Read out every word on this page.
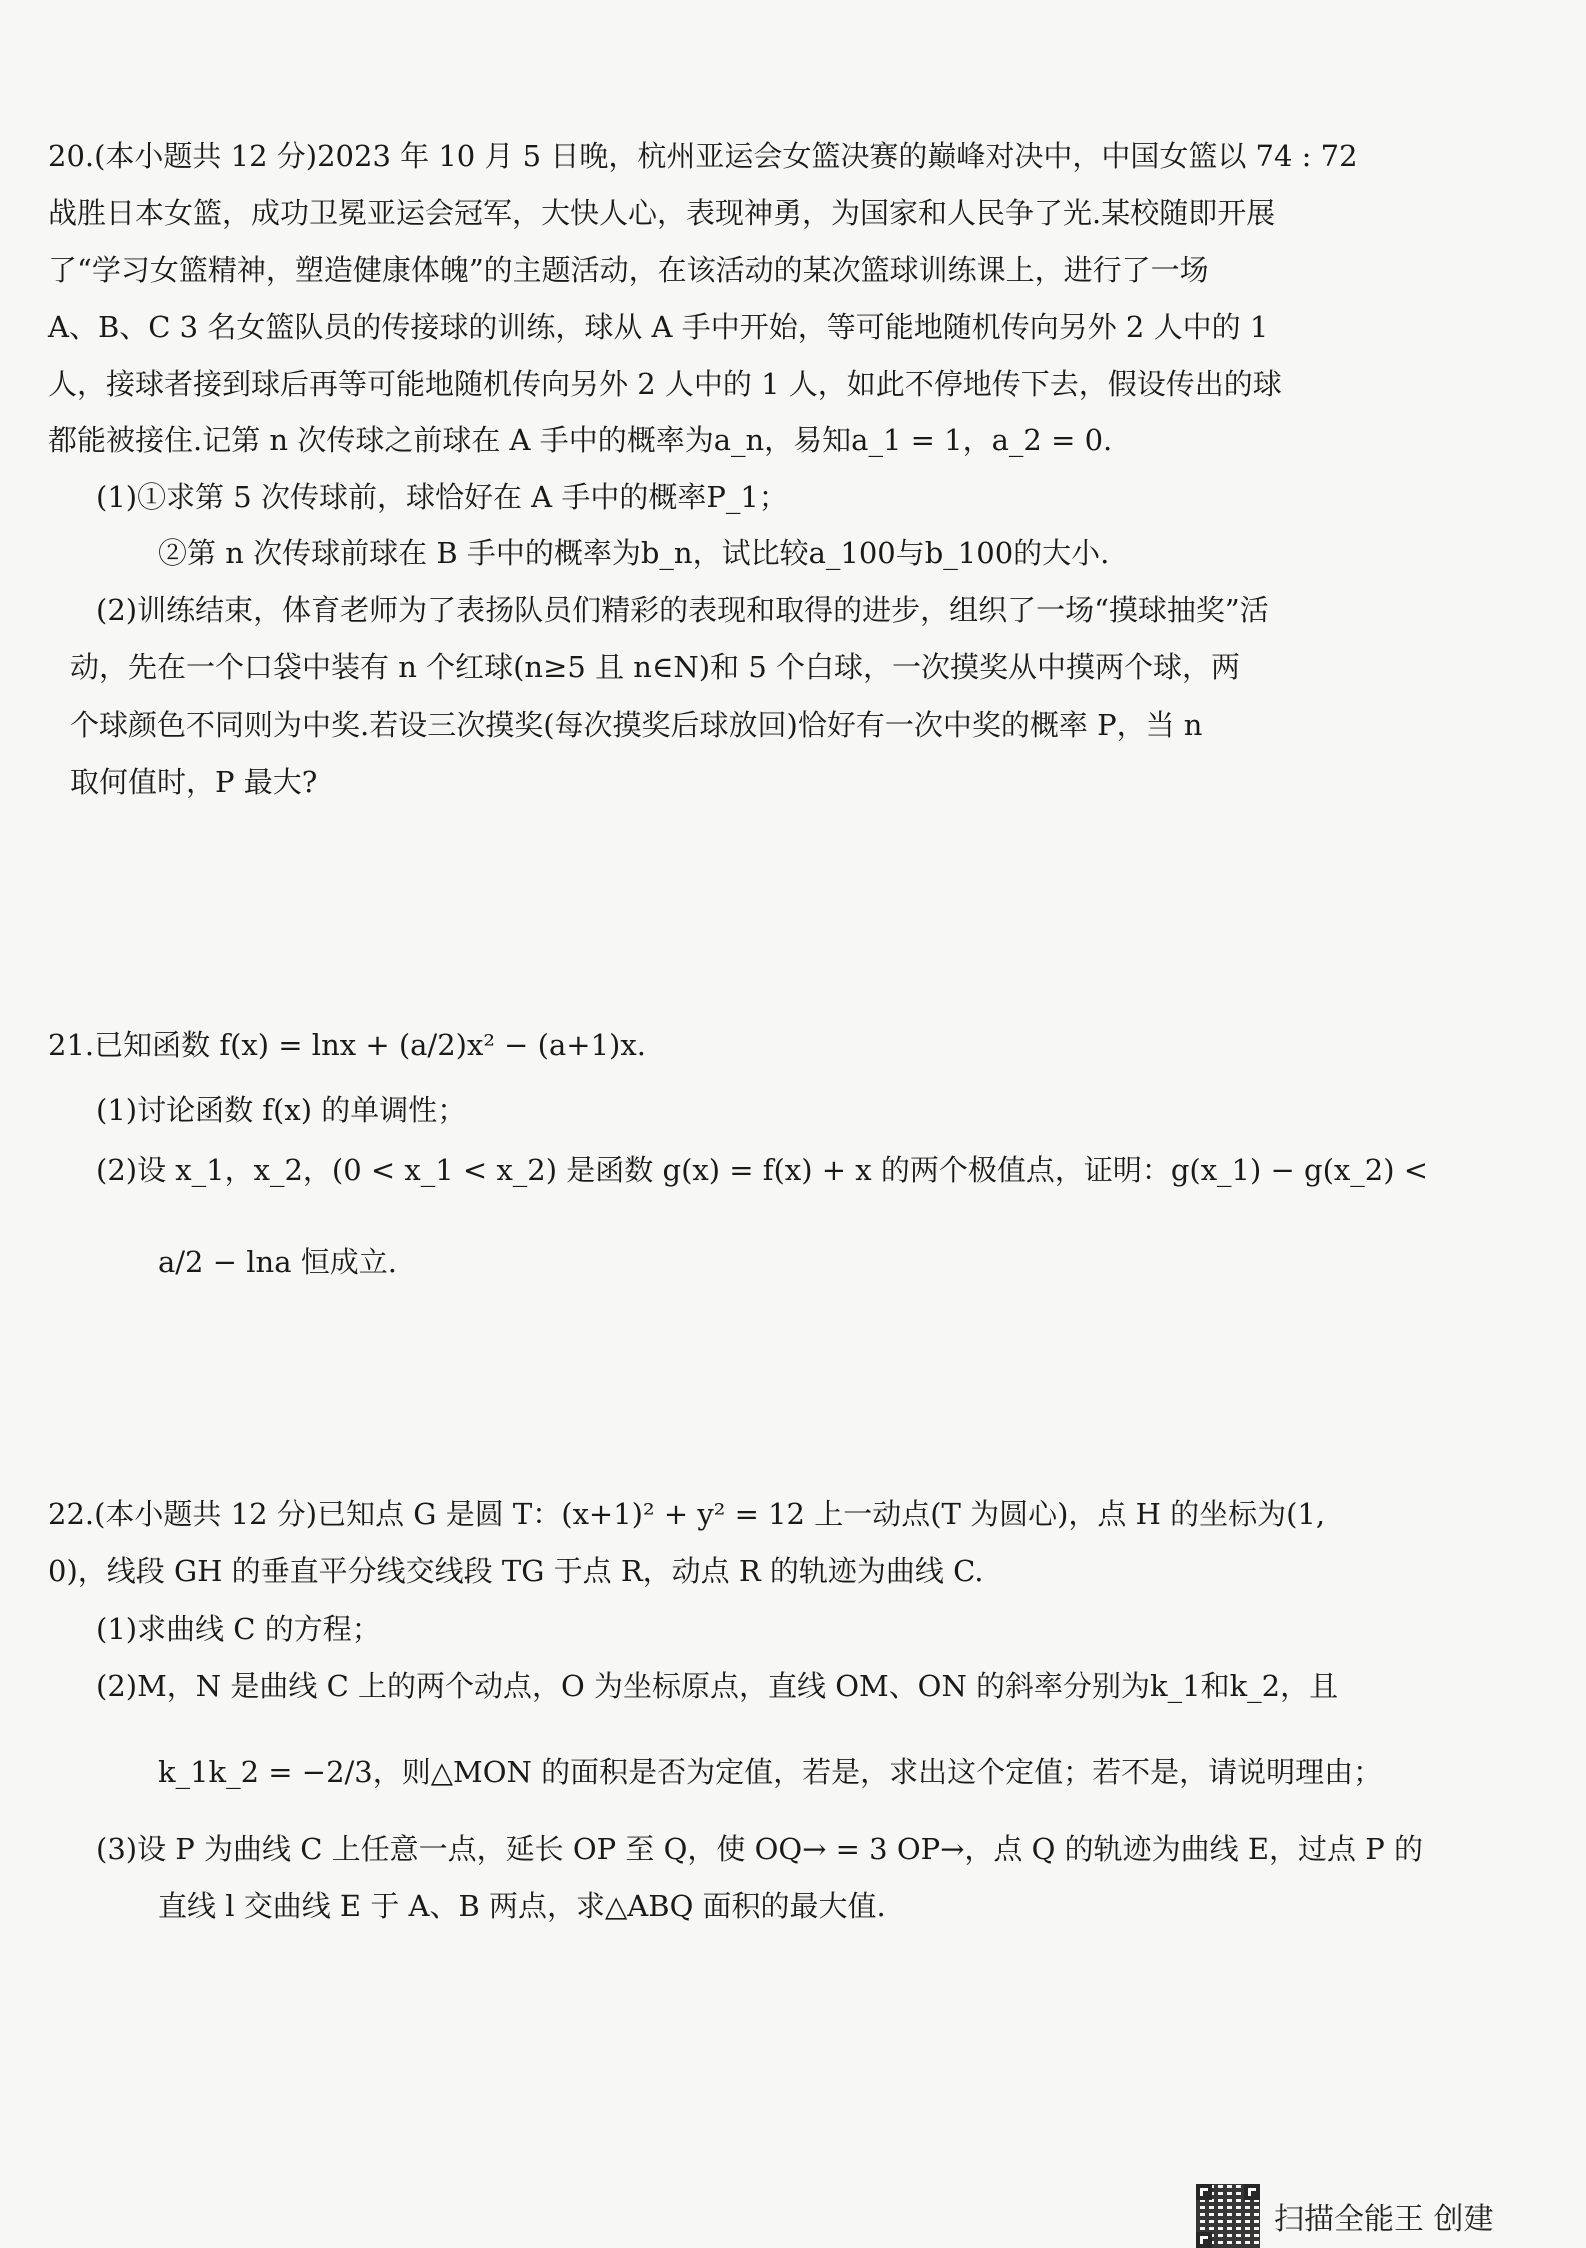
20.(本小题共 12 分)2023 年 10 月 5 日晚，杭州亚运会女篮决赛的巅峰对决中，中国女篮以 74 : 72
战胜日本女篮，成功卫冕亚运会冠军，大快人心，表现神勇，为国家和人民争了光.某校随即开展
了“学习女篮精神，塑造健康体魄”的主题活动，在该活动的某次篮球训练课上，进行了一场
A、B、C 3 名女篮队员的传接球的训练，球从 A 手中开始，等可能地随机传向另外 2 人中的 1
人，接球者接到球后再等可能地随机传向另外 2 人中的 1 人，如此不停地传下去，假设传出的球
都能被接住.记第 n 次传球之前球在 A 手中的概率为a_n，易知a_1 = 1，a_2 = 0.
(1)①求第 5 次传球前，球恰好在 A 手中的概率P_1；
②第 n 次传球前球在 B 手中的概率为b_n，试比较a_100与b_100的大小.
(2)训练结束，体育老师为了表扬队员们精彩的表现和取得的进步，组织了一场“摸球抽奖”活
动，先在一个口袋中装有 n 个红球(n≥5 且 n∈N)和 5 个白球，一次摸奖从中摸两个球，两
个球颜色不同则为中奖.若设三次摸奖(每次摸奖后球放回)恰好有一次中奖的概率 P，当 n
取何值时，P 最大?
21.已知函数 f(x) = lnx + (a/2)x² − (a+1)x.
(1)讨论函数 f(x) 的单调性；
(2)设 x_1，x_2，(0 < x_1 < x_2) 是函数 g(x) = f(x) + x 的两个极值点，证明：g(x_1) − g(x_2) <
a/2 − lna 恒成立.
22.(本小题共 12 分)已知点 G 是圆 T：(x+1)² + y² = 12 上一动点(T 为圆心)，点 H 的坐标为(1,
0)，线段 GH 的垂直平分线交线段 TG 于点 R，动点 R 的轨迹为曲线 C.
(1)求曲线 C 的方程；
(2)M，N 是曲线 C 上的两个动点，O 为坐标原点，直线 OM、ON 的斜率分别为k_1和k_2，且
k_1k_2 = −2/3，则△MON 的面积是否为定值，若是，求出这个定值；若不是，请说明理由；
(3)设 P 为曲线 C 上任意一点，延长 OP 至 Q，使 OQ→ = 3 OP→，点 Q 的轨迹为曲线 E，过点 P 的
直线 l 交曲线 E 于 A、B 两点，求△ABQ 面积的最大值.
扫描全能王 创建
